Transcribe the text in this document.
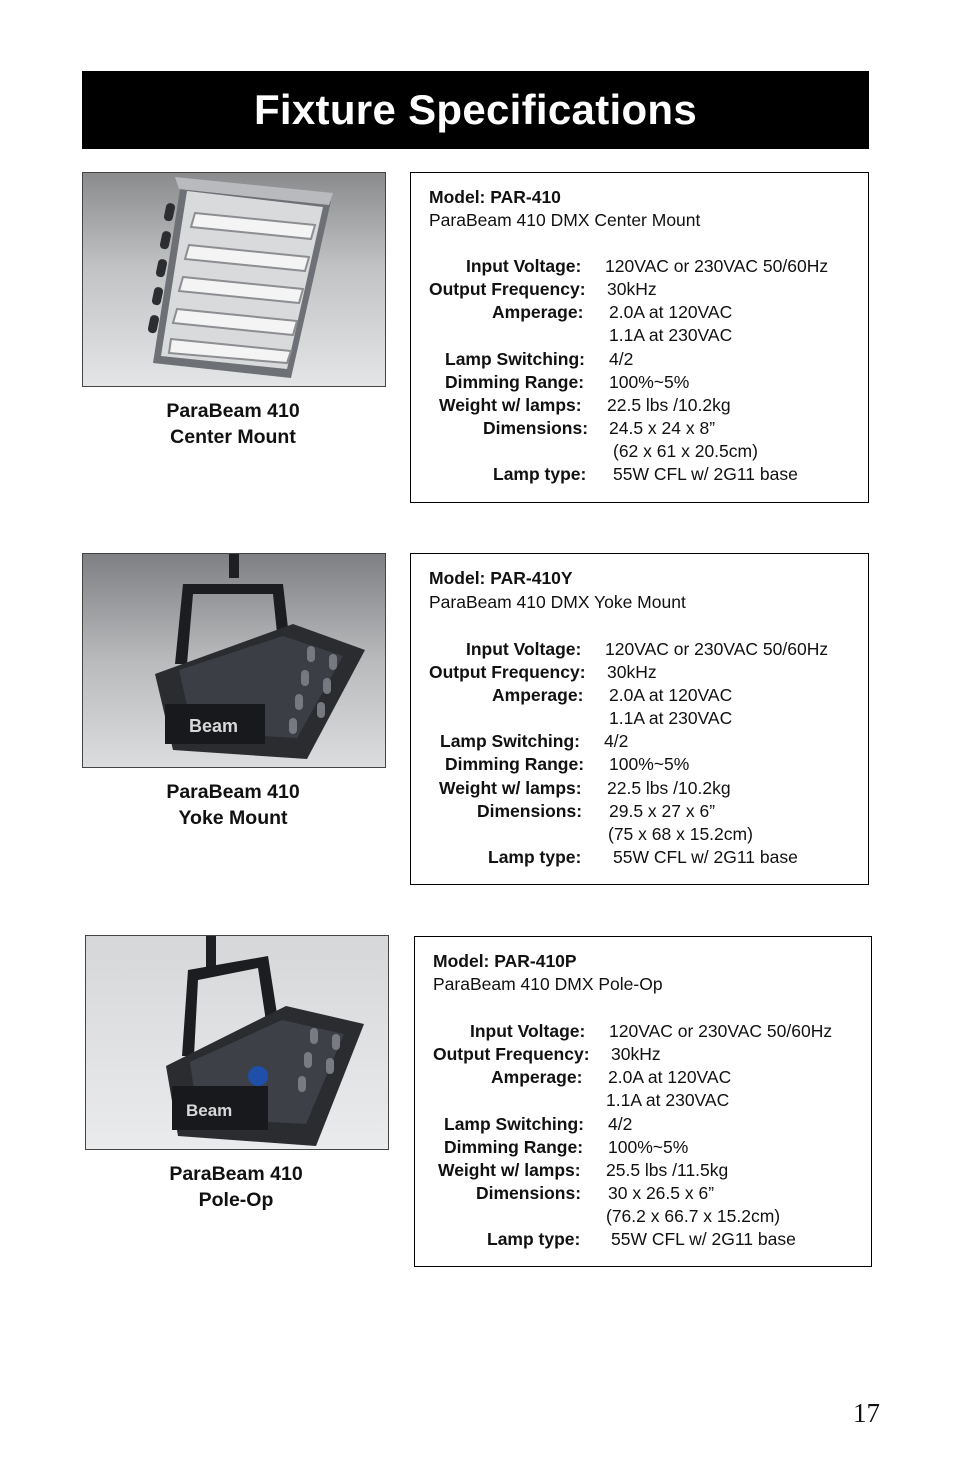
Fixture Specifications
ParaBeam 410
Center Mount
Model: PAR-410
ParaBeam 410 DMX Center Mount
Input Voltage: 120VAC or 230VAC 50/60Hz
Output Frequency: 30kHz
Amperage: 2.0A at 120VAC
1.1A at 230VAC
Lamp Switching: 4/2
Dimming Range: 100%~5%
Weight w/ lamps: 22.5 lbs /10.2kg
Dimensions: 24.5 x 24 x 8”
(62 x 61 x 20.5cm)
Lamp type: 55W CFL w/ 2G11 base
Beam
ParaBeam 410
Yoke Mount
Model: PAR-410Y
ParaBeam 410 DMX Yoke Mount
Input Voltage: 120VAC or 230VAC 50/60Hz
Output Frequency: 30kHz
Amperage: 2.0A at 120VAC
1.1A at 230VAC
Lamp Switching: 4/2
Dimming Range: 100%~5%
Weight w/ lamps: 22.5 lbs /10.2kg
Dimensions: 29.5 x 27 x 6”
(75 x 68 x 15.2cm)
Lamp type: 55W CFL w/ 2G11 base
Beam
ParaBeam 410
Pole-Op
Model: PAR-410P
ParaBeam 410 DMX Pole-Op
Input Voltage: 120VAC or 230VAC 50/60Hz
Output Frequency: 30kHz
Amperage: 2.0A at 120VAC
1.1A at 230VAC
Lamp Switching: 4/2
Dimming Range: 100%~5%
Weight w/ lamps: 25.5 lbs /11.5kg
Dimensions: 30 x 26.5 x 6”
(76.2 x 66.7 x 15.2cm)
Lamp type: 55W CFL w/ 2G11 base
17
